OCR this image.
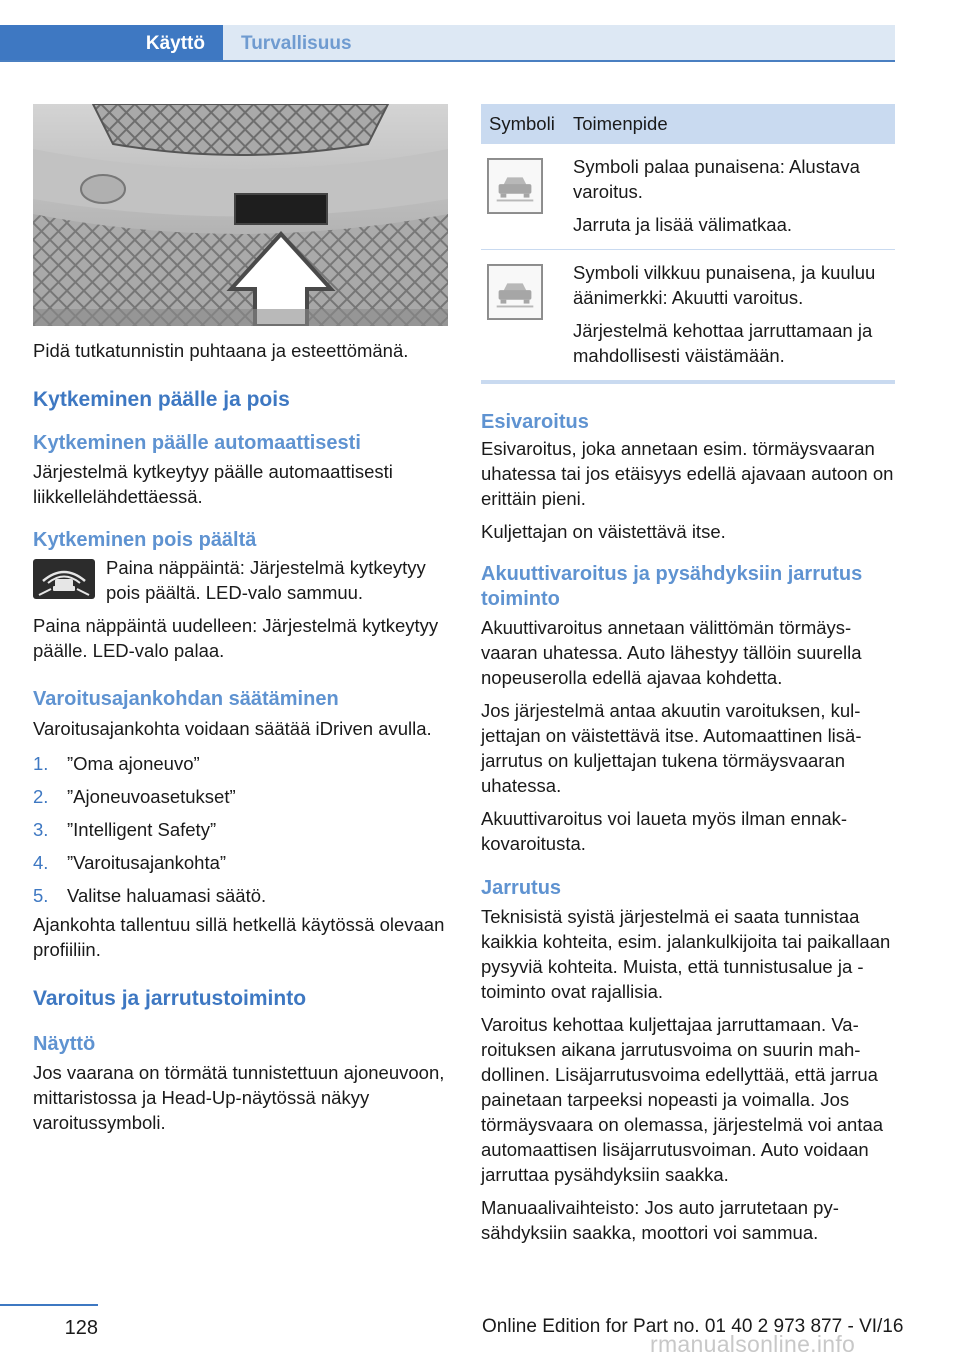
Käyttö	Turvallisuus

Pidä tutkatunnistin puhtaana ja esteettömänä.

Kytkeminen päälle ja pois
Kytkeminen päälle automaattisesti

Järjestelmä kytkeytyy päälle automaattisesti liikkellelähdettäessä.

Kytkeminen pois päältä

Paina näppäintä: Järjestelmä kytkeytyy pois päältä. LED-valo sammuu.

Paina näppäintä uudelleen: Järjestelmä kytkeytyy päälle. LED-valo palaa.

Varoitusajankohdan säätäminen

Varoitusajankohta voidaan säätää iDriven avulla.

1.	”Oma ajoneuvo”
2.	”Ajoneuvoasetukset”
3.	”Intelligent Safety”
4.	”Varoitusajankohta”
5.	Valitse haluamasi säätö.

Ajankohta tallentuu sillä hetkellä käytössä olevaan profiiliin.

Varoitus ja jarrutustoiminto
Näyttö

Jos vaarana on törmätä tunnistettuun ajoneuvoon, mittaristossa ja Head-Up-näytössä näkyy varoitussymboli.

Symboli Toimenpide

Symboli palaa punaisena: Alustava varoitus.

Jarruta ja lisää välimatkaa.

Symboli vilkkuu punaisena, ja kuuluu äänimerkki: Akuutti varoitus.

Järjestelmä kehottaa jarruttamaan ja mahdollisesti väistämään.

Esivaroitus

Esivaroitus, joka annetaan esim. törmäysvaaran uhatessa tai jos etäisyys edellä ajavaan autoon on erittäin pieni.

Kuljettajan on väistettävä itse.

Akuuttivaroitus ja pysähdyksiin jarrutus toiminto

Akuuttivaroitus annetaan välittömän törmäysvaaran uhatessa. Auto lähestyy tällöin suurella nopeuserolla edellä ajavaa kohdetta.

Jos järjestelmä antaa akuutin varoituksen, kuljettajan on väistettävä itse. Automaattinen lisäjarrutus on kuljettajan tukena törmäysvaaran uhatessa.

Akuuttivaroitus voi laueta myös ilman ennakkovaroitusta.

Jarrutus

Teknisistä syistä järjestelmä ei saata tunnistaa kaikkia kohteita, esim. jalankulkijoita tai paikallaan pysyviä kohteita. Muista, että tunnistusalue ja -toiminto ovat rajallisia.

Varoitus kehottaa kuljettajaa jarruttamaan. Varoituksen aikana jarrutusvoima on suurin mahdollinen. Lisäjarrutusvoima edellyttää, että jarrua painetaan tarpeeksi nopeasti ja voimalla. Jos törmäysvaara on olemassa, järjestelmä voi antaa automaattisen lisäjarrutusvoiman. Auto voidaan jarruttaa pysähdyksiin saakka.

Manuaalivaihteisto: Jos auto jarrutetaan pysähdyksiin saakka, moottori voi sammua.

128	Online Edition for Part no. 01 40 2 973 877 - VI/16
rmanualsonline.info
